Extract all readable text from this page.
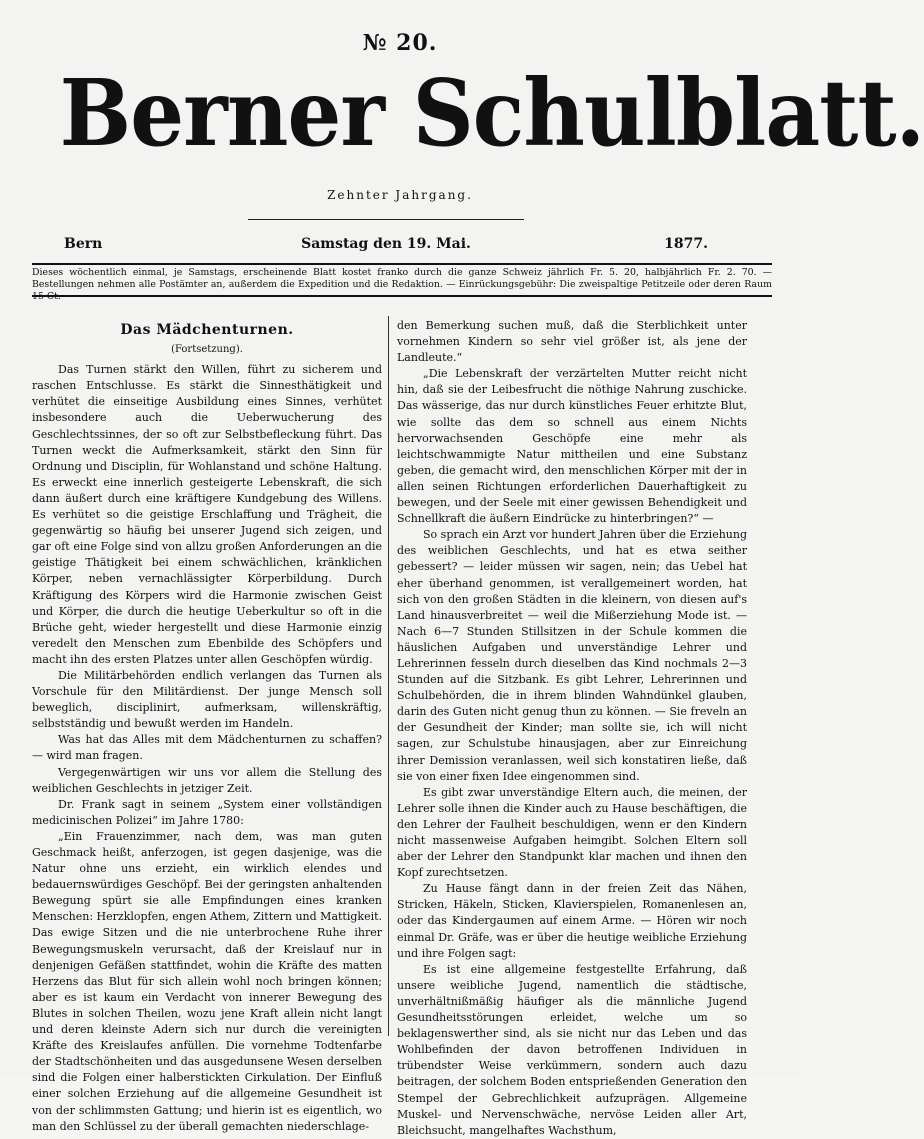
№ 20.
Berner Schulblatt.
Zehnter Jahrgang.
Bern	Samstag den 19. Mai.	1877.
Dieses wöchentlich einmal, je Samstags, erscheinende Blatt kostet franko durch die ganze Schweiz jährlich Fr. 5. 20, halbjährlich Fr. 2. 70. — Bestellungen nehmen alle Postämter an, außerdem die Expedition und die Redaktion. — Einrückungsgebühr: Die zweispaltige Petitzeile oder deren Raum
Das Mädchenturnen.
(Fortsetzung).

Das Turnen stärkt den Willen, führt zu sicherem und raschen Entschlusse. Es stärkt die Sinnesthätigkeit und verhütet die einseitige Ausbildung eines Sinnes, verhütet insbesondere auch die Ueberwucherung des Geschlechtssinnes, der so oft zur Selbstbefleckung führt. Das Turnen weckt die Aufmerksamkeit, stärkt den Sinn für Ordnung und Disciplin, für Wohlanstand und schöne Haltung. Es erweckt eine innerlich gesteigerte Lebenskraft, die sich dann äußert durch eine kräftigere Kundgebung des Willens. Es verhütet so die geistige Erschlaffung und Trägheit, die gegenwärtig so häufig bei unserer Jugend sich zeigen, und gar oft eine Folge sind von allzu großen Anforderungen an die geistige Thätigkeit bei einem schwächlichen, kränklichen Körper, neben vernachlässigter Körperbildung. Durch Kräftigung des Körpers wird die Harmonie zwischen Geist und Körper, die durch die heutige Ueberkultur so oft in die Brüche geht, wieder hergestellt und diese Harmonie einzig veredelt den Menschen zum Ebenbilde des Schöpfers und macht ihn des ersten Platzes unter allen Geschöpfen würdig.

Die Militärbehörden endlich verlangen das Turnen als Vorschule für den Militärdienst. Der junge Mensch soll beweglich, disciplinirt, aufmerksam, willenskräftig, selbstständig und bewußt werden im Handeln.

Was hat das Alles mit dem Mädchenturnen zu schaffen? — wird man fragen.

Vergegenwärtigen wir uns vor allem die Stellung des weiblichen Geschlechts in jetziger Zeit.

Dr. Frank sagt in seinem „System einer vollständigen medicinischen Polizei“ im Jahre 1780:

„Ein Frauenzimmer, nach dem, was man guten Geschmack heißt, anferzogen, ist gegen dasjenige, was die Natur ohne uns erzieht, ein wirklich elendes und bedauernswürdiges Geschöpf. Bei der geringsten anhaltenden Bewegung spürt sie alle Empfindungen eines kranken Menschen: Herzklopfen, engen Athem, Zittern und Mattigkeit. Das ewige Sitzen und die nie unterbrochene Ruhe ihrer Bewegungsmuskeln verursacht, daß der Kreislauf nur in denjenigen Gefäßen stattfindet, wohin die Kräfte des matten Herzens das Blut für sich allein wohl noch bringen können; aber es ist kaum ein Verdacht von innerer Bewegung des Blutes in solchen Theilen, wozu jene Kraft allein nicht langt und deren kleinste Adern sich nur durch die vereinigten Kräfte des Kreislaufes anfüllen. Die vornehme Todtenfarbe der Stadtschönheiten und das ausgedunsene Wesen derselben sind die Folgen einer halberstickten Cirkulation. Der Einfluß einer solchen Erziehung auf die allgemeine Gesundheit ist von der schlimmsten Gattung; und hierin ist es eigentlich, wo man den Schlüssel zu der überall gemachten niederschlage-

den Bemerkung suchen muß, daß die Sterblichkeit unter vornehmen Kindern so sehr viel größer ist, als jene der Landleute.“

„Die Lebenskraft der verzärtelten Mutter reicht nicht hin, daß sie der Leibesfrucht die nöthige Nahrung zuschicke. Das wässerige, das nur durch künstliches Feuer erhitzte Blut, wie sollte das dem so schnell aus einem Nichts hervorwachsenden Geschöpfe eine mehr als leichtschwammigte Natur mittheilen und eine Substanz geben, die gemacht wird, den menschlichen Körper mit der in allen seinen Richtungen erforderlichen Dauerhaftigkeit zu bewegen, und der Seele mit einer gewissen Behendigkeit und Schnellkraft die äußern Eindrücke zu hinterbringen?“ —

So sprach ein Arzt vor hundert Jahren über die Erziehung des weiblichen Geschlechts, und hat es etwa seither gebessert? — leider müssen wir sagen, nein; das Uebel hat eher überhand genommen, ist verallgemeinert worden, hat sich von den großen Städten in die kleinern, von diesen auf's Land hinausverbreitet — weil die Mißerziehung Mode ist. — Nach 6—7 Stunden Stillsitzen in der Schule kommen die häuslichen Aufgaben und unverständige Lehrer und Lehrerinnen fesseln durch dieselben das Kind nochmals 2—3 Stunden auf die Sitzbank. Es gibt Lehrer, Lehrerinnen und Schulbehörden, die in ihrem blinden Wahndünkel glauben, darin des Guten nicht genug thun zu können. — Sie freveln an der Gesundheit der Kinder; man sollte sie, ich will nicht sagen, zur Schulstube hinausjagen, aber zur Einreichung ihrer Demission veranlassen, weil sich konstatiren ließe, daß sie von einer fixen Idee eingenommen sind.

Es gibt zwar unverständige Eltern auch, die meinen, der Lehrer solle ihnen die Kinder auch zu Hause beschäftigen, die den Lehrer der Faulheit beschuldigen, wenn er den Kindern nicht massenweise Aufgaben heimgibt. Solchen Eltern soll aber der Lehrer den Standpunkt klar machen und ihnen den Kopf zurechtsetzen.

Zu Hause fängt dann in der freien Zeit das Nähen, Stricken, Häkeln, Sticken, Klavierspielen, Romanenlesen an, oder das Kindergaumen auf einem Arme. — Hören wir noch einmal Dr. Gräfe, was er über die heutige weibliche Erziehung und ihre Folgen sagt:

Es ist eine allgemeine festgestellte Erfahrung, daß unsere weibliche Jugend, namentlich die städtische, unverhältnißmäßig häufiger als die männliche Jugend Gesundheitsstörungen erleidet, welche um so beklagenswerther sind, als sie nicht nur das Leben und das Wohlbefinden der davon betroffenen Individuen in trübendster Weise verkümmern, sondern auch dazu beitragen, der solchem Boden entsprießenden Generation den Stempel der Gebrechlichkeit aufzuprägen. Allgemeine Muskel- und Nervenschwäche, nervöse Leiden aller Art, Bleichsucht, mangelhaftes Wachsthum,
